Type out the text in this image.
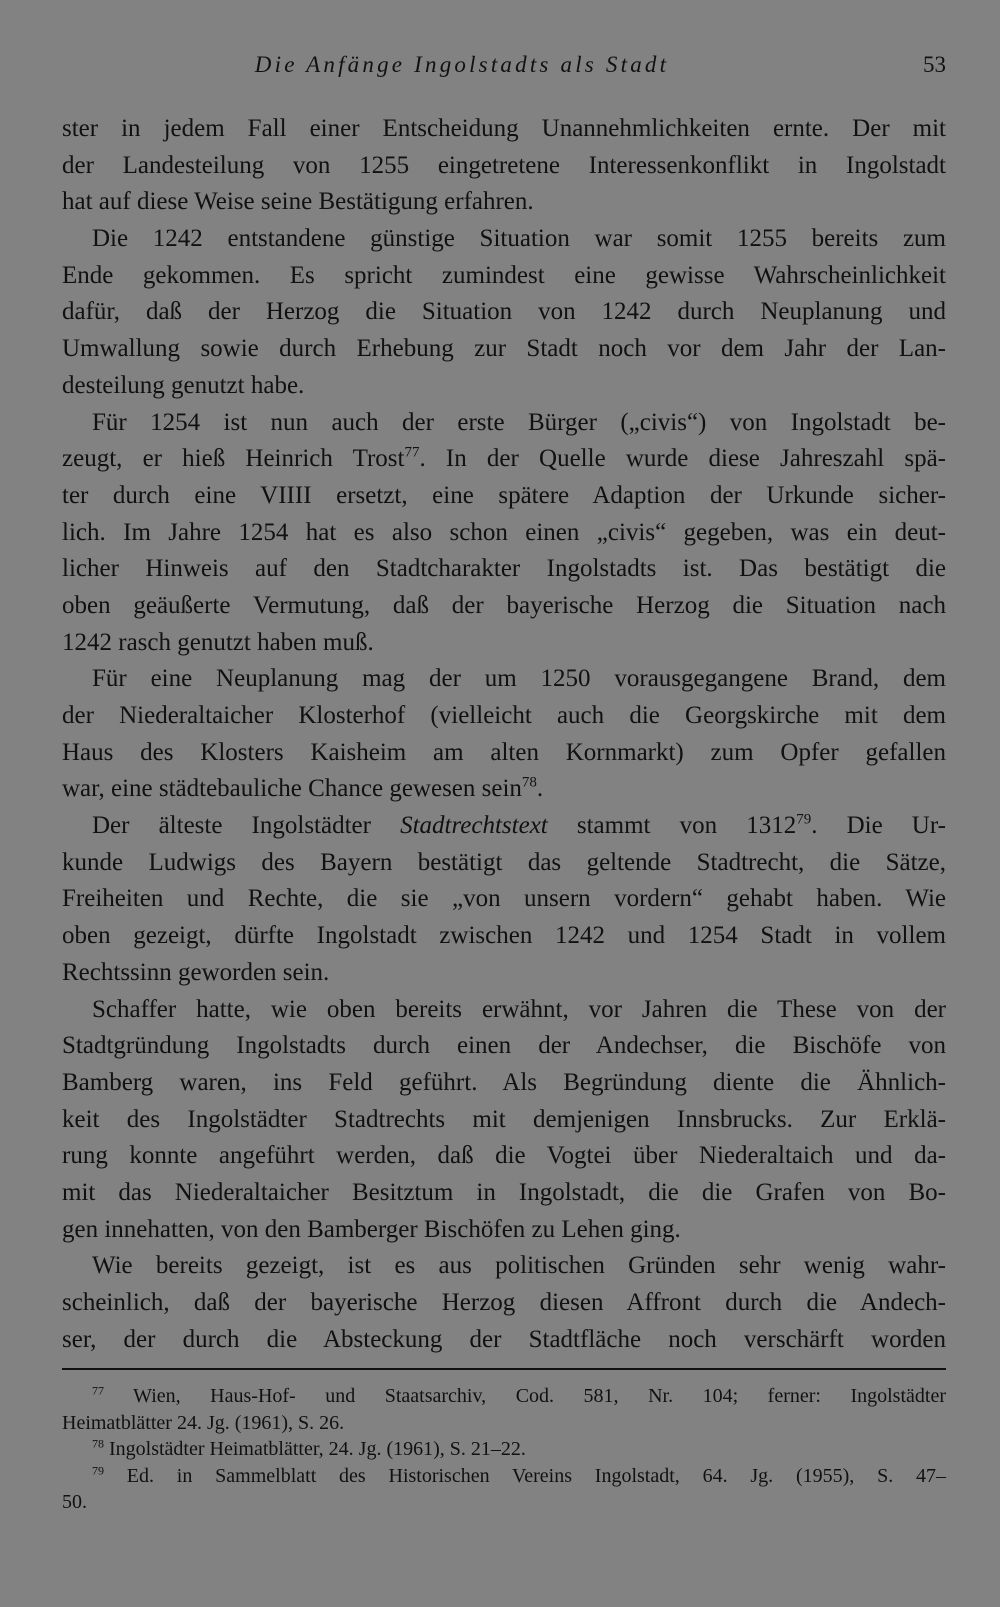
Die Anfänge Ingolstadts als Stadt	53
ster in jedem Fall einer Entscheidung Unannehmlichkeiten ernte. Der mit
der Landesteilung von 1255 eingetretene Interessenkonflikt in Ingolstadt
hat auf diese Weise seine Bestätigung erfahren.
Die 1242 entstandene günstige Situation war somit 1255 bereits zum
Ende gekommen. Es spricht zumindest eine gewisse Wahrscheinlichkeit
dafür, daß der Herzog die Situation von 1242 durch Neuplanung und
Umwallung sowie durch Erhebung zur Stadt noch vor dem Jahr der Lan-
desteilung genutzt habe.
Für 1254 ist nun auch der erste Bürger („civis“) von Ingolstadt be-
zeugt, er hieß Heinrich Trost$^{77}$. In der Quelle wurde diese Jahreszahl spä-
ter durch eine VIIII ersetzt, eine spätere Adaption der Urkunde sicher-
lich. Im Jahre 1254 hat es also schon einen „civis“ gegeben, was ein deut-
licher Hinweis auf den Stadtcharakter Ingolstadts ist. Das bestätigt die
oben geäußerte Vermutung, daß der bayerische Herzog die Situation nach
1242 rasch genutzt haben muß.
Für eine Neuplanung mag der um 1250 vorausgegangene Brand, dem
der Niederaltaicher Klosterhof (vielleicht auch die Georgskirche mit dem
Haus des Klosters Kaisheim am alten Kornmarkt) zum Opfer gefallen
war, eine städtebauliche Chance gewesen sein$^{78}$.
Der älteste Ingolstädter Stadtrechtstext stammt von 1312$^{79}$. Die Ur-
kunde Ludwigs des Bayern bestätigt das geltende Stadtrecht, die Sätze,
Freiheiten und Rechte, die sie „von unsern vordern“ gehabt haben. Wie
oben gezeigt, dürfte Ingolstadt zwischen 1242 und 1254 Stadt in vollem
Rechtssinn geworden sein.
Schaffer hatte, wie oben bereits erwähnt, vor Jahren die These von der
Stadtgründung Ingolstadts durch einen der Andechser, die Bischöfe von
Bamberg waren, ins Feld geführt. Als Begründung diente die Ähnlich-
keit des Ingolstädter Stadtrechts mit demjenigen Innsbrucks. Zur Erklä-
rung konnte angeführt werden, daß die Vogtei über Niederaltaich und da-
mit das Niederaltaicher Besitztum in Ingolstadt, die die Grafen von Bo-
gen innehatten, von den Bamberger Bischöfen zu Lehen ging.
Wie bereits gezeigt, ist es aus politischen Gründen sehr wenig wahr-
scheinlich, daß der bayerische Herzog diesen Affront durch die Andech-
ser, der durch die Absteckung der Stadtfläche noch verschärft worden
$^{77}$ Wien, Haus-Hof- und Staatsarchiv, Cod. 581, Nr. 104; ferner: Ingolstädter
Heimatblätter 24. Jg. (1961), S. 26.
$^{78}$ Ingolstädter Heimatblätter, 24. Jg. (1961), S. 21–22.
$^{79}$ Ed. in Sammelblatt des Historischen Vereins Ingolstadt, 64. Jg. (1955), S. 47–
50.
